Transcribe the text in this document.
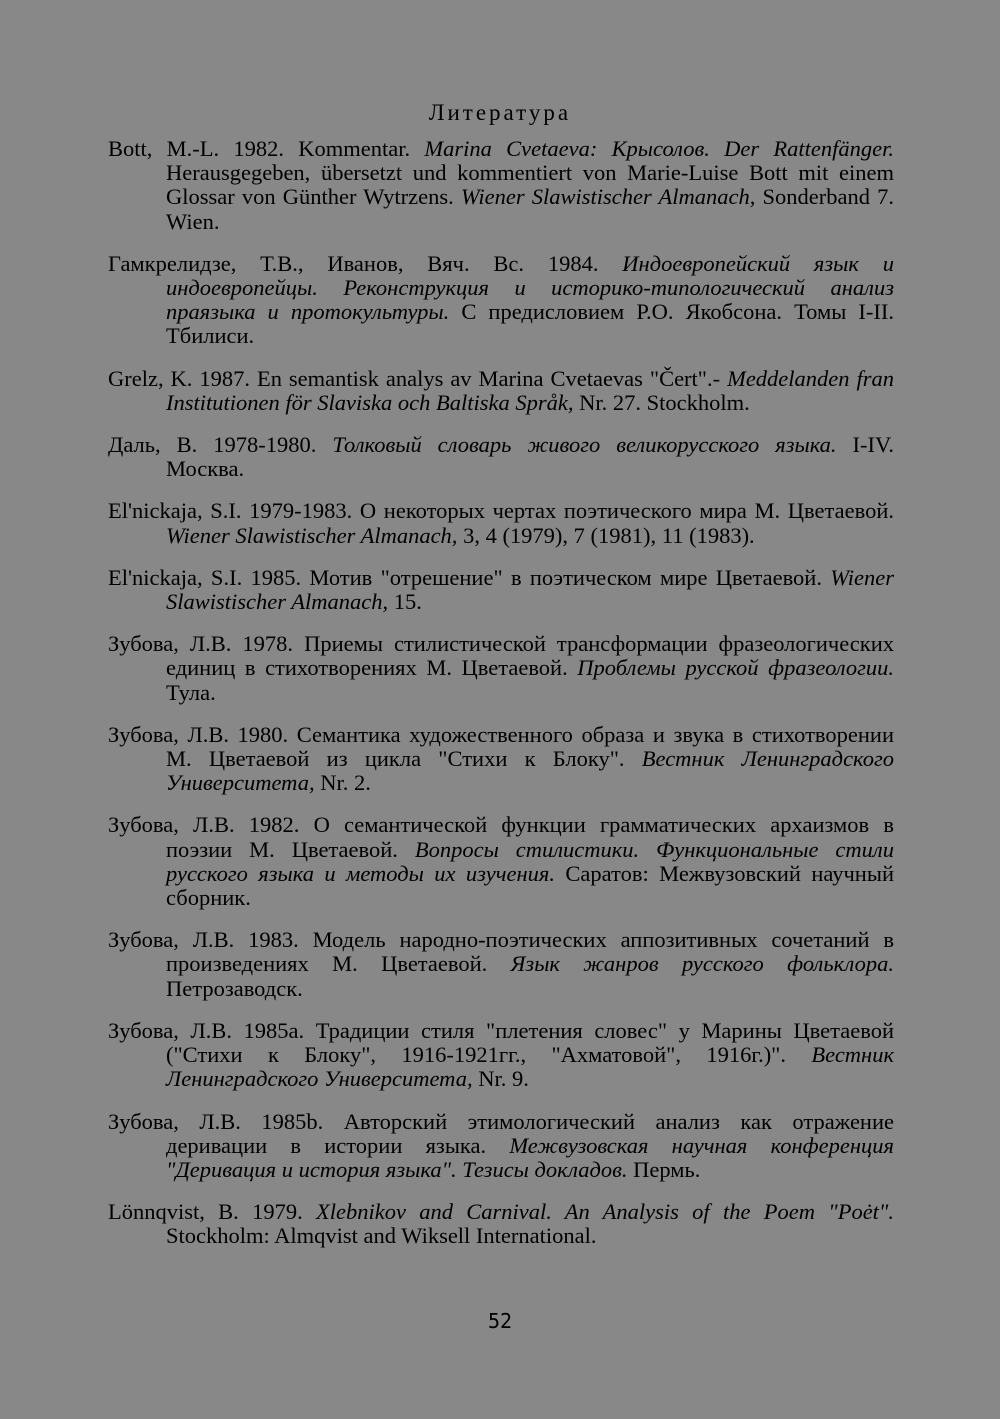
Литература

Bott, M.-L. 1982. Kommentar. Marina Cvetaeva: Крысолов. Der Rattenfänger. Herausgegeben, übersetzt und kommentiert von Marie-Luise Bott mit einem Glossar von Günther Wytrzens. Wiener Slawistischer Almanach, Sonderband 7. Wien.

Гамкрелидзе, Т.В., Иванов, Вяч. Вс. 1984. Индоевропейский язык и индоевропейцы. Реконструкция и историко-типологический анализ праязыка и протокультуры. С предисловием Р.О. Якобсона. Томы I-II. Тбилиси.

Grelz, K. 1987. En semantisk analys av Marina Cvetaevas "Čert".- Meddelanden fran Institutionen för Slaviska och Baltiska Språk, Nr. 27. Stockholm.

Даль, В. 1978-1980. Толковый словарь живого великорусского языка. I-IV. Москва.

El'nickaja, S.I. 1979-1983. О некоторых чертах поэтического мира М. Цветаевой. Wiener Slawistischer Almanach, 3, 4 (1979), 7 (1981), 11 (1983).

El'nickaja, S.I. 1985. Мотив "отрешение" в поэтическом мире Цветаевой. Wiener Slawistischer Almanach, 15.

Зубова, Л.В. 1978. Приемы стилистической трансформации фразеологических единиц в стихотворениях М. Цветаевой. Проблемы русской фразеологии. Тула.

Зубова, Л.В. 1980. Семантика художественного образа и звука в стихотворении М. Цветаевой из цикла "Стихи к Блоку". Вестник Ленинградского Университета, Nr. 2.

Зубова, Л.В. 1982. О семантической функции грамматических архаизмов в поэзии М. Цветаевой. Вопросы стилистики. Функциональные стили русского языка и методы их изучения. Саратов: Межвузовский научный сборник.

Зубова, Л.В. 1983. Модель народно-поэтических аппозитивных сочетаний в произведениях М. Цветаевой. Язык жанров русского фольклора. Петрозаводск.

Зубова, Л.В. 1985а. Традиции стиля "плетения словес" у Марины Цветаевой ("Стихи к Блоку", 1916-1921гг., "Ахматовой", 1916г.)". Вестник Ленинградского Университета, Nr. 9.

Зубова, Л.В. 1985b. Авторский этимологический анализ как отражение деривации в истории языка. Межвузовская научная конференция "Деривация и история языка". Тезисы докладов. Пермь.

Lönnqvist, B. 1979. Xlebnikov and Carnival. An Analysis of the Poem "Poėt". Stockholm: Almqvist and Wiksell International.

52
